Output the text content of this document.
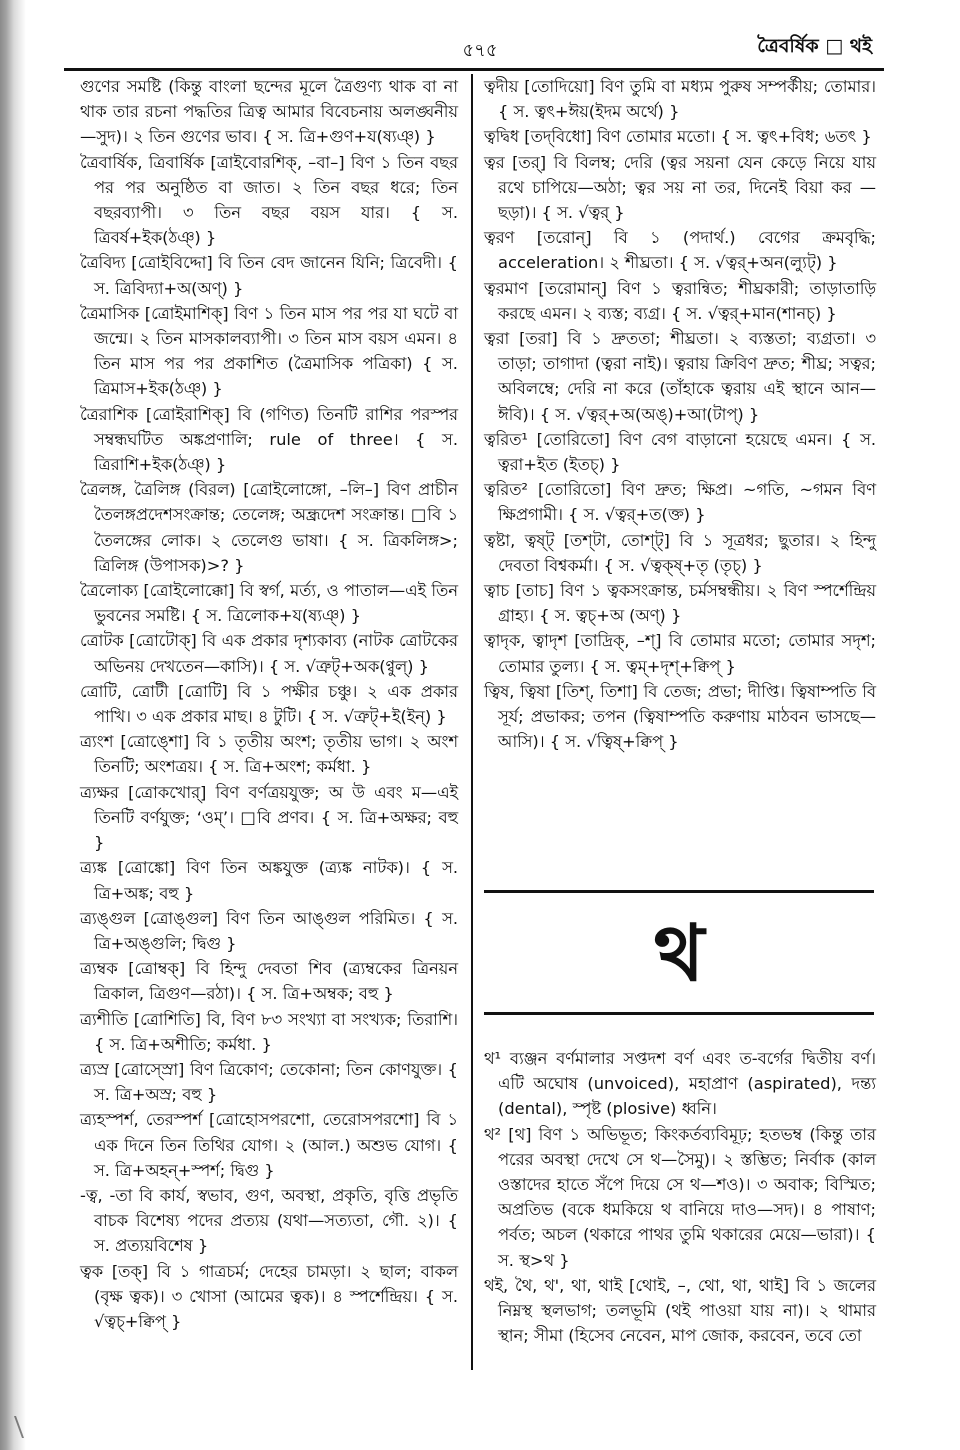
৫৭৫	ত্রৈবর্ষিক □ থই

গুণের সমষ্টি (কিন্তু বাংলা ছন্দের মূলে ত্রৈগুণ্য থাক বা না থাক তার রচনা পদ্ধতির ত্রিত্ব আমার বিবেচনায় অলঙ্ঘনীয়—সুদ)। ২ তিন গুণের ভাব। { স. ত্রি+গুণ+য(ষ্যঞ্) }

ত্রৈবার্ষিক, ত্রিবার্ষিক [ত্রাইবোরশিক্, –বা–] বিণ ১ তিন বছর পর পর অনুষ্ঠিত বা জাত। ২ তিন বছর ধরে; তিন বছরব্যাপী। ৩ তিন বছর বয়স যার। { স. ত্রিবর্ষ+ইক(ঠঞ্) }

ত্রৈবিদ্য [ত্রোইবিদ্দো] বি তিন বেদ জানেন যিনি; ত্রিবেদী। { স. ত্রিবিদ্যা+অ(অণ্) }

ত্রৈমাসিক [ত্রোইমাশিক্] বিণ ১ তিন মাস পর পর যা ঘটে বা জন্মে। ২ তিন মাসকালব্যাপী। ৩ তিন মাস বয়স এমন। ৪ তিন মাস পর পর প্রকাশিত (ত্রৈমাসিক পত্রিকা) { স. ত্রিমাস+ইক(ঠঞ্) }

ত্রৈরাশিক [ত্রোইরাশিক্] বি (গণিত) তিনটি রাশির পরস্পর সম্বন্ধঘটিত অঙ্কপ্রণালি; rule of three। { স. ত্রিরাশি+ইক(ঠঞ্) }

ত্রৈলঙ্গ, ত্রৈলিঙ্গ (বিরল) [ত্রোইলোঙ্গো, –লি–] বিণ প্রাচীন তৈলঙ্গপ্রদেশসংক্রান্ত; তেলেঙ্গ; অন্ধ্রদেশ সংক্রান্ত। □বি ১ তৈলঙ্গের লোক। ২ তেলেগু ভাষা। { স. ত্রিকলিঙ্গ>; ত্রিলিঙ্গ (উপাসক)>? }

ত্রৈলোক্য [ত্রোইলোক্কো] বি স্বর্গ, মর্ত্য, ও পাতাল—এই তিন ভুবনের সমষ্টি। { স. ত্রিলোক+য(ষ্যঞ্) }

ত্রোটক [ত্রোটোক্] বি এক প্রকার দৃশ্যকাব্য (নাটক ত্রোটকের অভিনয় দেখতেন—কাসি)। { স. √ত্রুট্+অক(ণ্বুল্) }

ত্রোটি, ত্রোটী [ত্রোটি] বি ১ পক্ষীর চঞ্চু। ২ এক প্রকার পাখি। ৩ এক প্রকার মাছ। ৪ টুটি। { স. √ত্রুট্+ই(ইন্) }

ত্র্যংশ [ত্রোঙ্শো] বি ১ তৃতীয় অংশ; তৃতীয় ভাগ। ২ অংশ তিনটি; অংশত্রয়। { স. ত্রি+অংশ; কর্মধা. }

ত্র্যক্ষর [ত্রোকখোর্] বিণ বর্ণত্রয়যুক্ত; অ উ এবং ম—এই তিনটি বর্ণযুক্ত; ‘ওম্’। □বি প্রণব। { স. ত্রি+অক্ষর; বহু }

ত্র্যঙ্ক [ত্রোঙ্কো] বিণ তিন অঙ্কযুক্ত (ত্র্যঙ্ক নাটক)। { স. ত্রি+অঙ্ক; বহু }

ত্র্যঙ্গুল [ত্রোঙ্গুল] বিণ তিন আঙ্গুল পরিমিত। { স. ত্রি+অঙ্গুলি; দ্বিগু }

ত্র্যম্বক [ত্রোম্বক্] বি হিন্দু দেবতা শিব (ত্র্যম্বকের ত্রিনয়ন ত্রিকাল, ত্রিগুণ—রঠা)। { স. ত্রি+অম্বক; বহু }

ত্র্যশীতি [ত্রোশিতি] বি, বিণ ৮৩ সংখ্যা বা সংখ্যক; তিরাশি। { স. ত্রি+অশীতি; কর্মধা. }

ত্র্যস্র [ত্রোস্স্রো] বিণ ত্রিকোণ; তেকোনা; তিন কোণযুক্ত। { স. ত্রি+অস্র; বহু }

ত্র্যহস্পর্শ, তেরস্পর্শ [ত্রোহোসপরশো, তেরোসপরশো] বি ১ এক দিনে তিন তিথির যোগ। ২ (আল.) অশুভ যোগ। { স. ত্রি+অহন্+স্পর্শ; দ্বিগু }

-ত্ব, -তা বি কার্য, স্বভাব, গুণ, অবস্থা, প্রকৃতি, বৃত্তি প্রভৃতি বাচক বিশেষ্য পদের প্রত্যয় (যথা—সত্যতা, গৌ. ২)। { স. প্রত্যয়বিশেষ }

ত্বক [তক্] বি ১ গাত্রচর্ম; দেহের চামড়া। ২ ছাল; বাকল (বৃক্ষ ত্বক)। ৩ খোসা (আমের ত্বক)। ৪ স্পর্শেন্দ্রিয়। { স. √ত্বচ্+ক্বিপ্ }

ত্বদীয় [তোদিয়ো] বিণ তুমি বা মধ্যম পুরুষ সম্পর্কীয়; তোমার। { স. ত্বৎ+ঈয়(ইদম অর্থে) }

ত্বদ্বিধ [তদ্‌বিধো] বিণ তোমার মতো। { স. ত্বৎ+বিধ; ৬তৎ }

ত্বর [তর্] বি বিলম্ব; দেরি (ত্বর সয়না যেন কেড়ে নিয়ে যায় রথে চাপিয়ে—অঠা; ত্বর সয় না তর, দিনেই বিয়া কর —ছড়া)। { স. √ত্বর্ }

ত্বরণ [তরোন্] বি ১ (পদার্থ.) বেগের ক্রমবৃদ্ধি; acceleration। ২ শীঘ্রতা। { স. √ত্বর্+অন(ল্যুট্) }

ত্বরমাণ [তরোমান্] বিণ ১ ত্বরান্বিত; শীঘ্রকারী; তাড়াতাড়ি করছে এমন। ২ ব্যস্ত; ব্যগ্র। { স. √ত্বর্+মান(শানচ্) }

ত্বরা [তরা] বি ১ দ্রুততা; শীঘ্রতা। ২ ব্যস্ততা; ব্যগ্রতা। ৩ তাড়া; তাগাদা (ত্বরা নাই)। ত্বরায় ক্রিবিণ দ্রুত; শীঘ্র; সত্বর; অবিলম্বে; দেরি না করে (তাঁহাকে ত্বরায় এই স্থানে আন—ঈবি)। { স. √ত্বর্+অ(অঙ্)+আ(টাপ্) }

ত্বরিত¹ [তোরিতো] বিণ বেগ বাড়ানো হয়েছে এমন। { স. ত্বরা+ইত (ইতচ্) }

ত্বরিত² [তোরিতো] বিণ দ্রুত; ক্ষিপ্র। ~গতি, ~গমন বিণ ক্ষিপ্রগামী। { স. √ত্বর্+ত(ক্ত) }

ত্বষ্টা, ত্বষ্ট্‌ [তশ্‌টা, তোশ্‌ট্] বি ১ সূত্রধর; ছুতার। ২ হিন্দু দেবতা বিশ্বকর্মা। { স. √ত্বক্ষ্+তৃ (তৃচ্) }

ত্বাচ [তাচ] বিণ ১ ত্বকসংক্রান্ত, চর্মসম্বন্ধীয়। ২ বিণ স্পর্শেন্দ্রিয় গ্রাহ্য। { স. ত্বচ্+অ (অণ্) }

ত্বাদৃক, ত্বাদৃশ [তাদ্রিক্, –শ্] বি তোমার মতো; তোমার সদৃশ; তোমার তুল্য। { স. ত্বম্+দৃশ্+ক্বিপ্ }

ত্বিষ, ত্বিষা [তিশ্, তিশা] বি তেজ; প্রভা; দীপ্তি। ত্বিষাম্পতি বি সূর্য; প্রভাকর; তপন (ত্বিষাম্পতি করুণায় মাঠবন ভাসছে—আসি)। { স. √ত্বিষ্+ক্বিপ্ }

থ

থ¹ ব্যঞ্জন বর্ণমালার সপ্তদশ বর্ণ এবং ত-বর্গের দ্বিতীয় বর্ণ। এটি অঘোষ (unvoiced), মহাপ্রাণ (aspirated), দন্ত্য (dental), স্পৃষ্ট (plosive) ধ্বনি।

থ² [থ] বিণ ১ অভিভূত; কিংকর্তব্যবিমূঢ়; হতভম্ব (কিন্তু তার পরের অবস্থা দেখে সে থ—সৈমু)। ২ স্তম্ভিত; নির্বাক (কাল ওস্তাদের হাতে সঁপে দিয়ে সে থ—শও)। ৩ অবাক; বিস্মিত; অপ্রতিভ (বকে ধমকিয়ে থ বানিয়ে দাও—সদ)। ৪ পাষাণ; পর্বত; অচল (থকারে পাথর তুমি থকারের মেয়ে—ভারা)। { স. স্থ>থ }

থই, থৈ, থ', থা, থাই [থোই, –, থো, থা, থাই] বি ১ জলের নিম্নস্থ স্থলভাগ; তলভূমি (থই পাওয়া যায় না)। ২ থামার স্থান; সীমা (হিসেব নেবেন, মাপ জোক, করবেন, তবে তো
